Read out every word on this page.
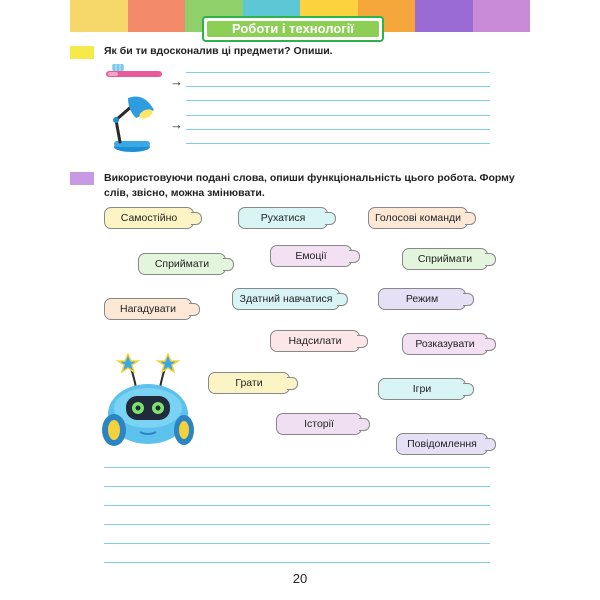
Роботи і технології
Як би ти вдосконалив ці предмети? Опиши.
→
→
Використовуючи подані слова, опиши функціональність цього робота. Форму
слів, звісно, можна змінювати.
Самостійно	Рухатися	Голосові команди
Сприймати
Емоції	Сприймати
Нагадувати
Здатний навчатися	Режим
Надсилати	Розказувати
Грати	Ігри
Історії
Повідомлення
20
